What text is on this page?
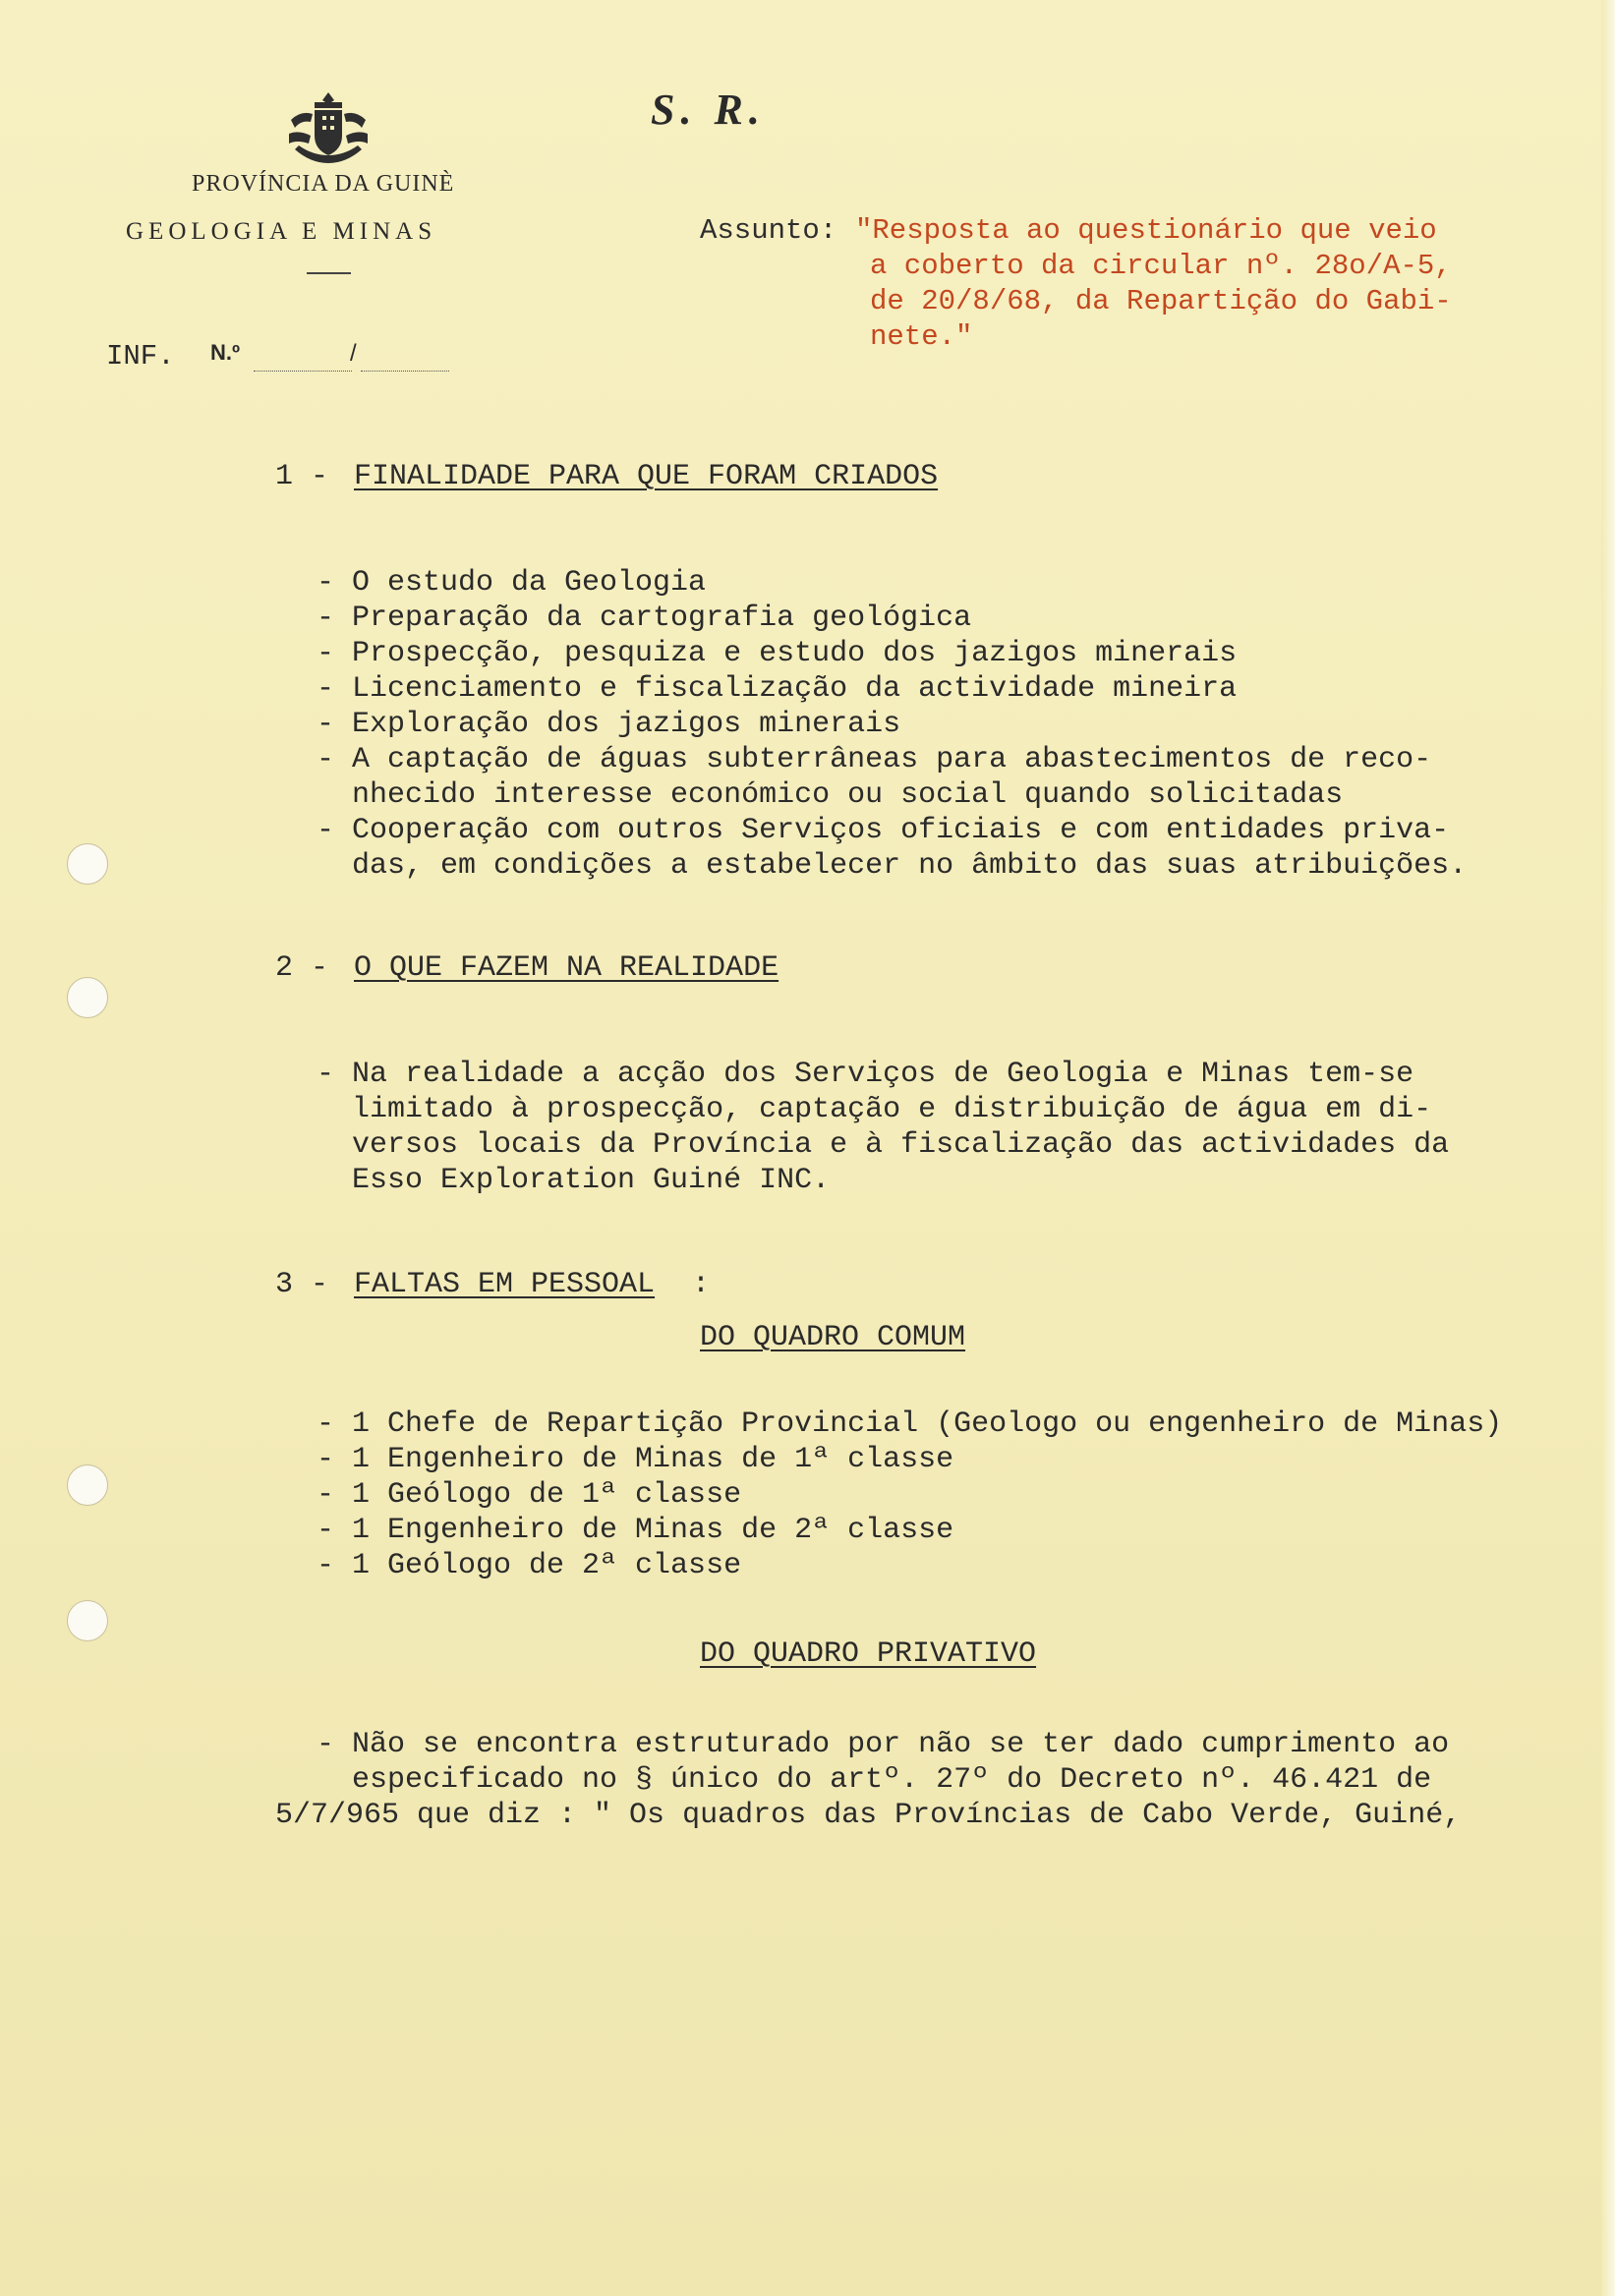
PROVÍNCIA DA GUINÈ
GEOLOGIA E MINAS
INF. N.º	/
S. R.
Assunto: "Resposta ao questionário que veio
a coberto da circular nº. 28o/A-5,
de 20/8/68, da Repartição do Gabi-
nete."
1 - FINALIDADE PARA QUE FORAM CRIADOS
- O estudo da Geologia
- Preparação da cartografia geológica
- Prospecção, pesquiza e estudo dos jazigos minerais
- Licenciamento e fiscalização da actividade mineira
- Exploração dos jazigos minerais
- A captação de águas subterrâneas para abastecimentos de reco-
nhecido interesse económico ou social quando solicitadas
- Cooperação com outros Serviços oficiais e com entidades priva-
das, em condições a estabelecer no âmbito das suas atribuições.
2 - O QUE FAZEM NA REALIDADE
- Na realidade a acção dos Serviços de Geologia e Minas tem-se
limitado à prospecção, captação e distribuição de água em di-
versos locais da Província e à fiscalização das actividades da
Esso Exploration Guiné INC.
3 - FALTAS EM PESSOAL :
DO QUADRO COMUM
- 1 Chefe de Repartição Provincial (Geologo ou engenheiro de Minas)
- 1 Engenheiro de Minas de 1ª classe
- 1 Geólogo de 1ª classe
- 1 Engenheiro de Minas de 2ª classe
- 1 Geólogo de 2ª classe
DO QUADRO PRIVATIVO
- Não se encontra estruturado por não se ter dado cumprimento ao
especificado no § único do artº. 27º do Decreto nº. 46.421 de
5/7/965 que diz : " Os quadros das Províncias de Cabo Verde, Guiné,
